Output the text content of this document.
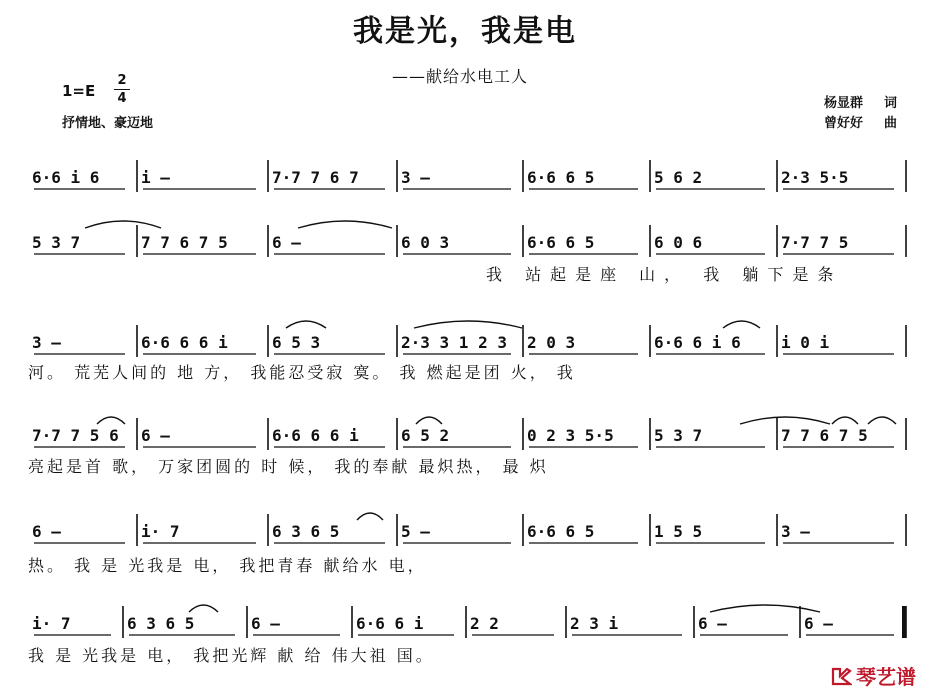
我是光，我是电
——献给水电工人
1=E
2
4
抒情地、豪迈地
杨显群 词
曾好好 曲
6·6 i 6	i –	7·7 7 6 7	3 –	6·6 6 5	5 6 2	2·3 5·5
5 3 7	7 7 6 7 5	6 –	6 0 3	6·6 6 5	6 0 6	7·7 7 5
我 站起是座 山， 我 躺下是条
3 –	6·6 6 6 i	6 5 3	2·3 3 1 2 3	2 0 3	6·6 6 i 6	i 0 i
河。 荒芜人间的 地 方， 我能忍受寂 寞。 我 燃起是团 火， 我
7·7 7 5 6	6 –	6·6 6 6 i	6 5 2	0 2 3 5·5	5 3 7	7 7 6 7 5
亮起是首 歌， 万家团圆的 时 候， 我的奉献 最炽热， 最 炽
6 –	i· 7	6 3 6 5	5 –	6·6 6 5	1 5 5	3 –
热。 我 是 光我是 电， 我把青春 献给水 电，
i· 7	6 3 6 5	6 –	6·6 6 i	2 2	2 3 i	6 –	6 –
我 是 光我是 电， 我把光辉 献 给 伟大祖 国。
琴艺谱
